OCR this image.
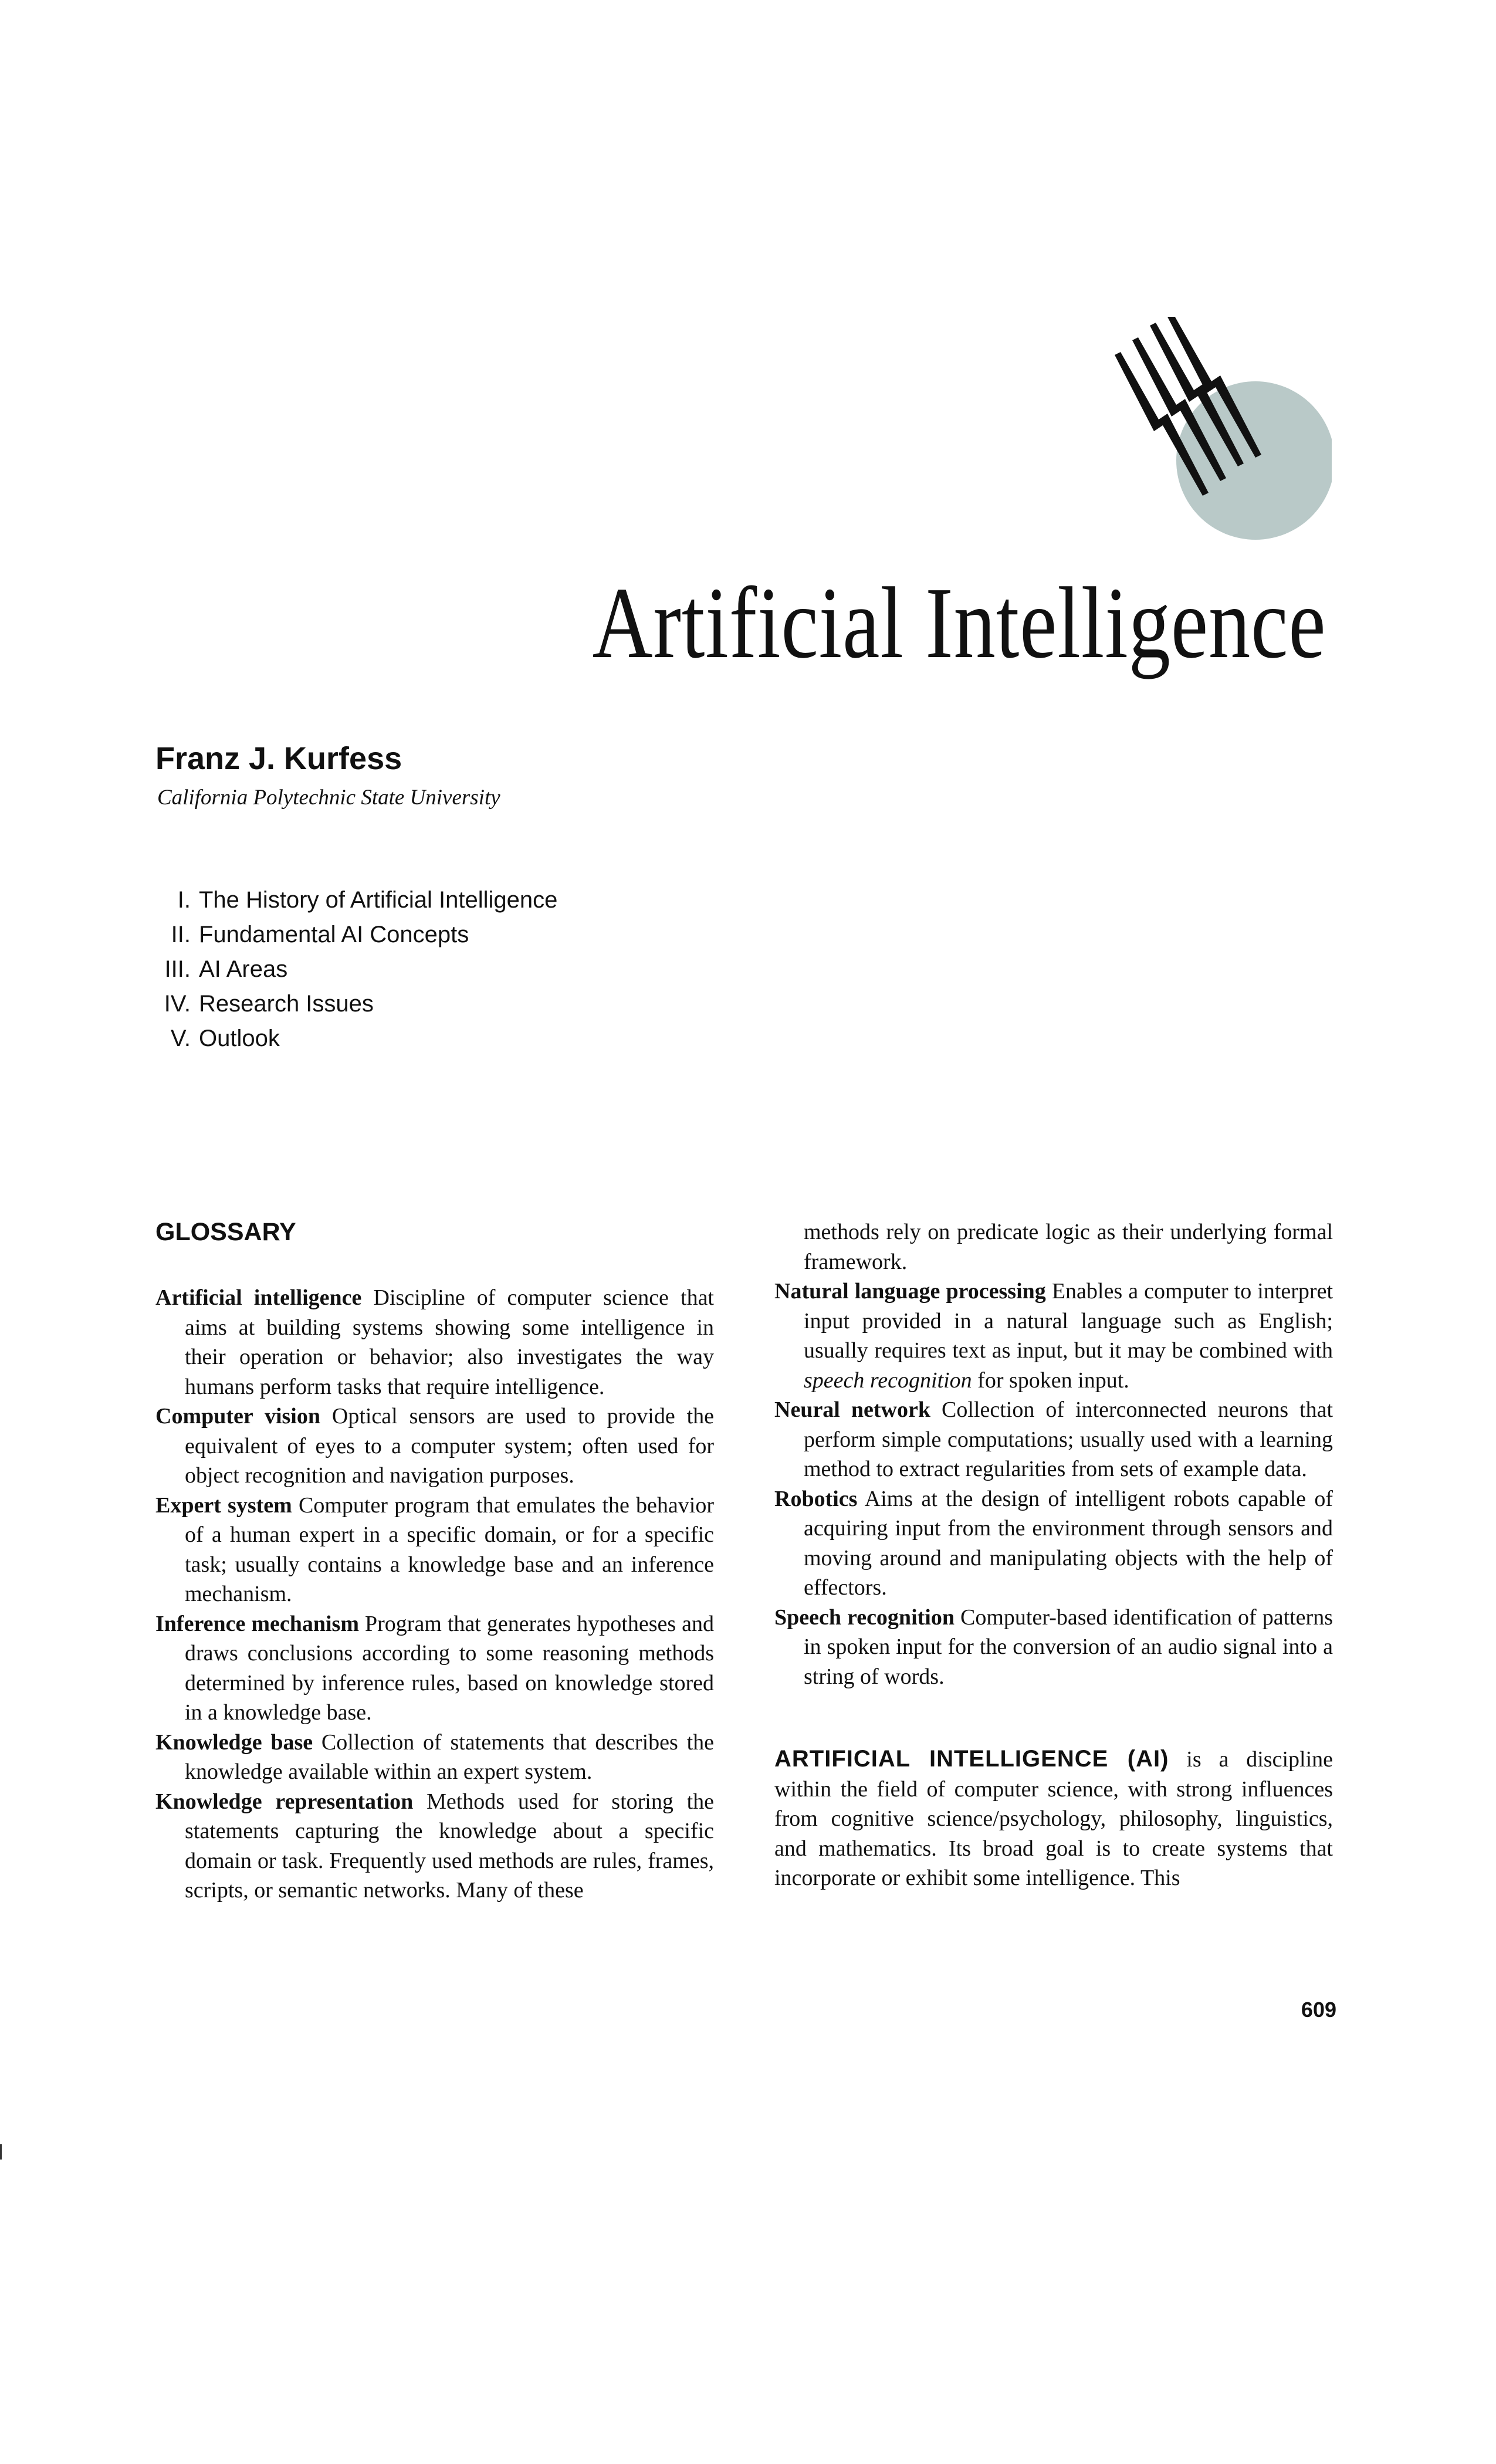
Artificial Intelligence
Franz J. Kurfess
California Polytechnic State University
I. The History of Artificial Intelligence
II. Fundamental AI Concepts
III. AI Areas
IV. Research Issues
V. Outlook
GLOSSARY

Artificial intelligence Discipline of computer science that aims at building systems showing some intelligence in their operation or behavior; also investigates the way humans perform tasks that require intelligence.

Computer vision Optical sensors are used to provide the equivalent of eyes to a computer system; often used for object recognition and navigation purposes.

Expert system Computer program that emulates the behavior of a human expert in a specific domain, or for a specific task; usually contains a knowledge base and an inference mechanism.

Inference mechanism Program that generates hypotheses and draws conclusions according to some reasoning methods determined by inference rules, based on knowledge stored in a knowledge base.

Knowledge base Collection of statements that describes the knowledge available within an expert system.

Knowledge representation Methods used for storing the statements capturing the knowledge about a specific domain or task. Frequently used methods are rules, frames, scripts, or semantic networks. Many of these

methods rely on predicate logic as their underlying formal framework.

Natural language processing Enables a computer to interpret input provided in a natural language such as English; usually requires text as input, but it may be combined with speech recognition for spoken input.

Neural network Collection of interconnected neurons that perform simple computations; usually used with a learning method to extract regularities from sets of example data.

Robotics Aims at the design of intelligent robots capable of acquiring input from the environment through sensors and moving around and manipulating objects with the help of effectors.

Speech recognition Computer-based identification of patterns in spoken input for the conversion of an audio signal into a string of words.

ARTIFICIAL INTELLIGENCE (AI) is a discipline within the field of computer science, with strong influences from cognitive science/psychology, philosophy, linguistics, and mathematics. Its broad goal is to create systems that incorporate or exhibit some intelligence. This

609
